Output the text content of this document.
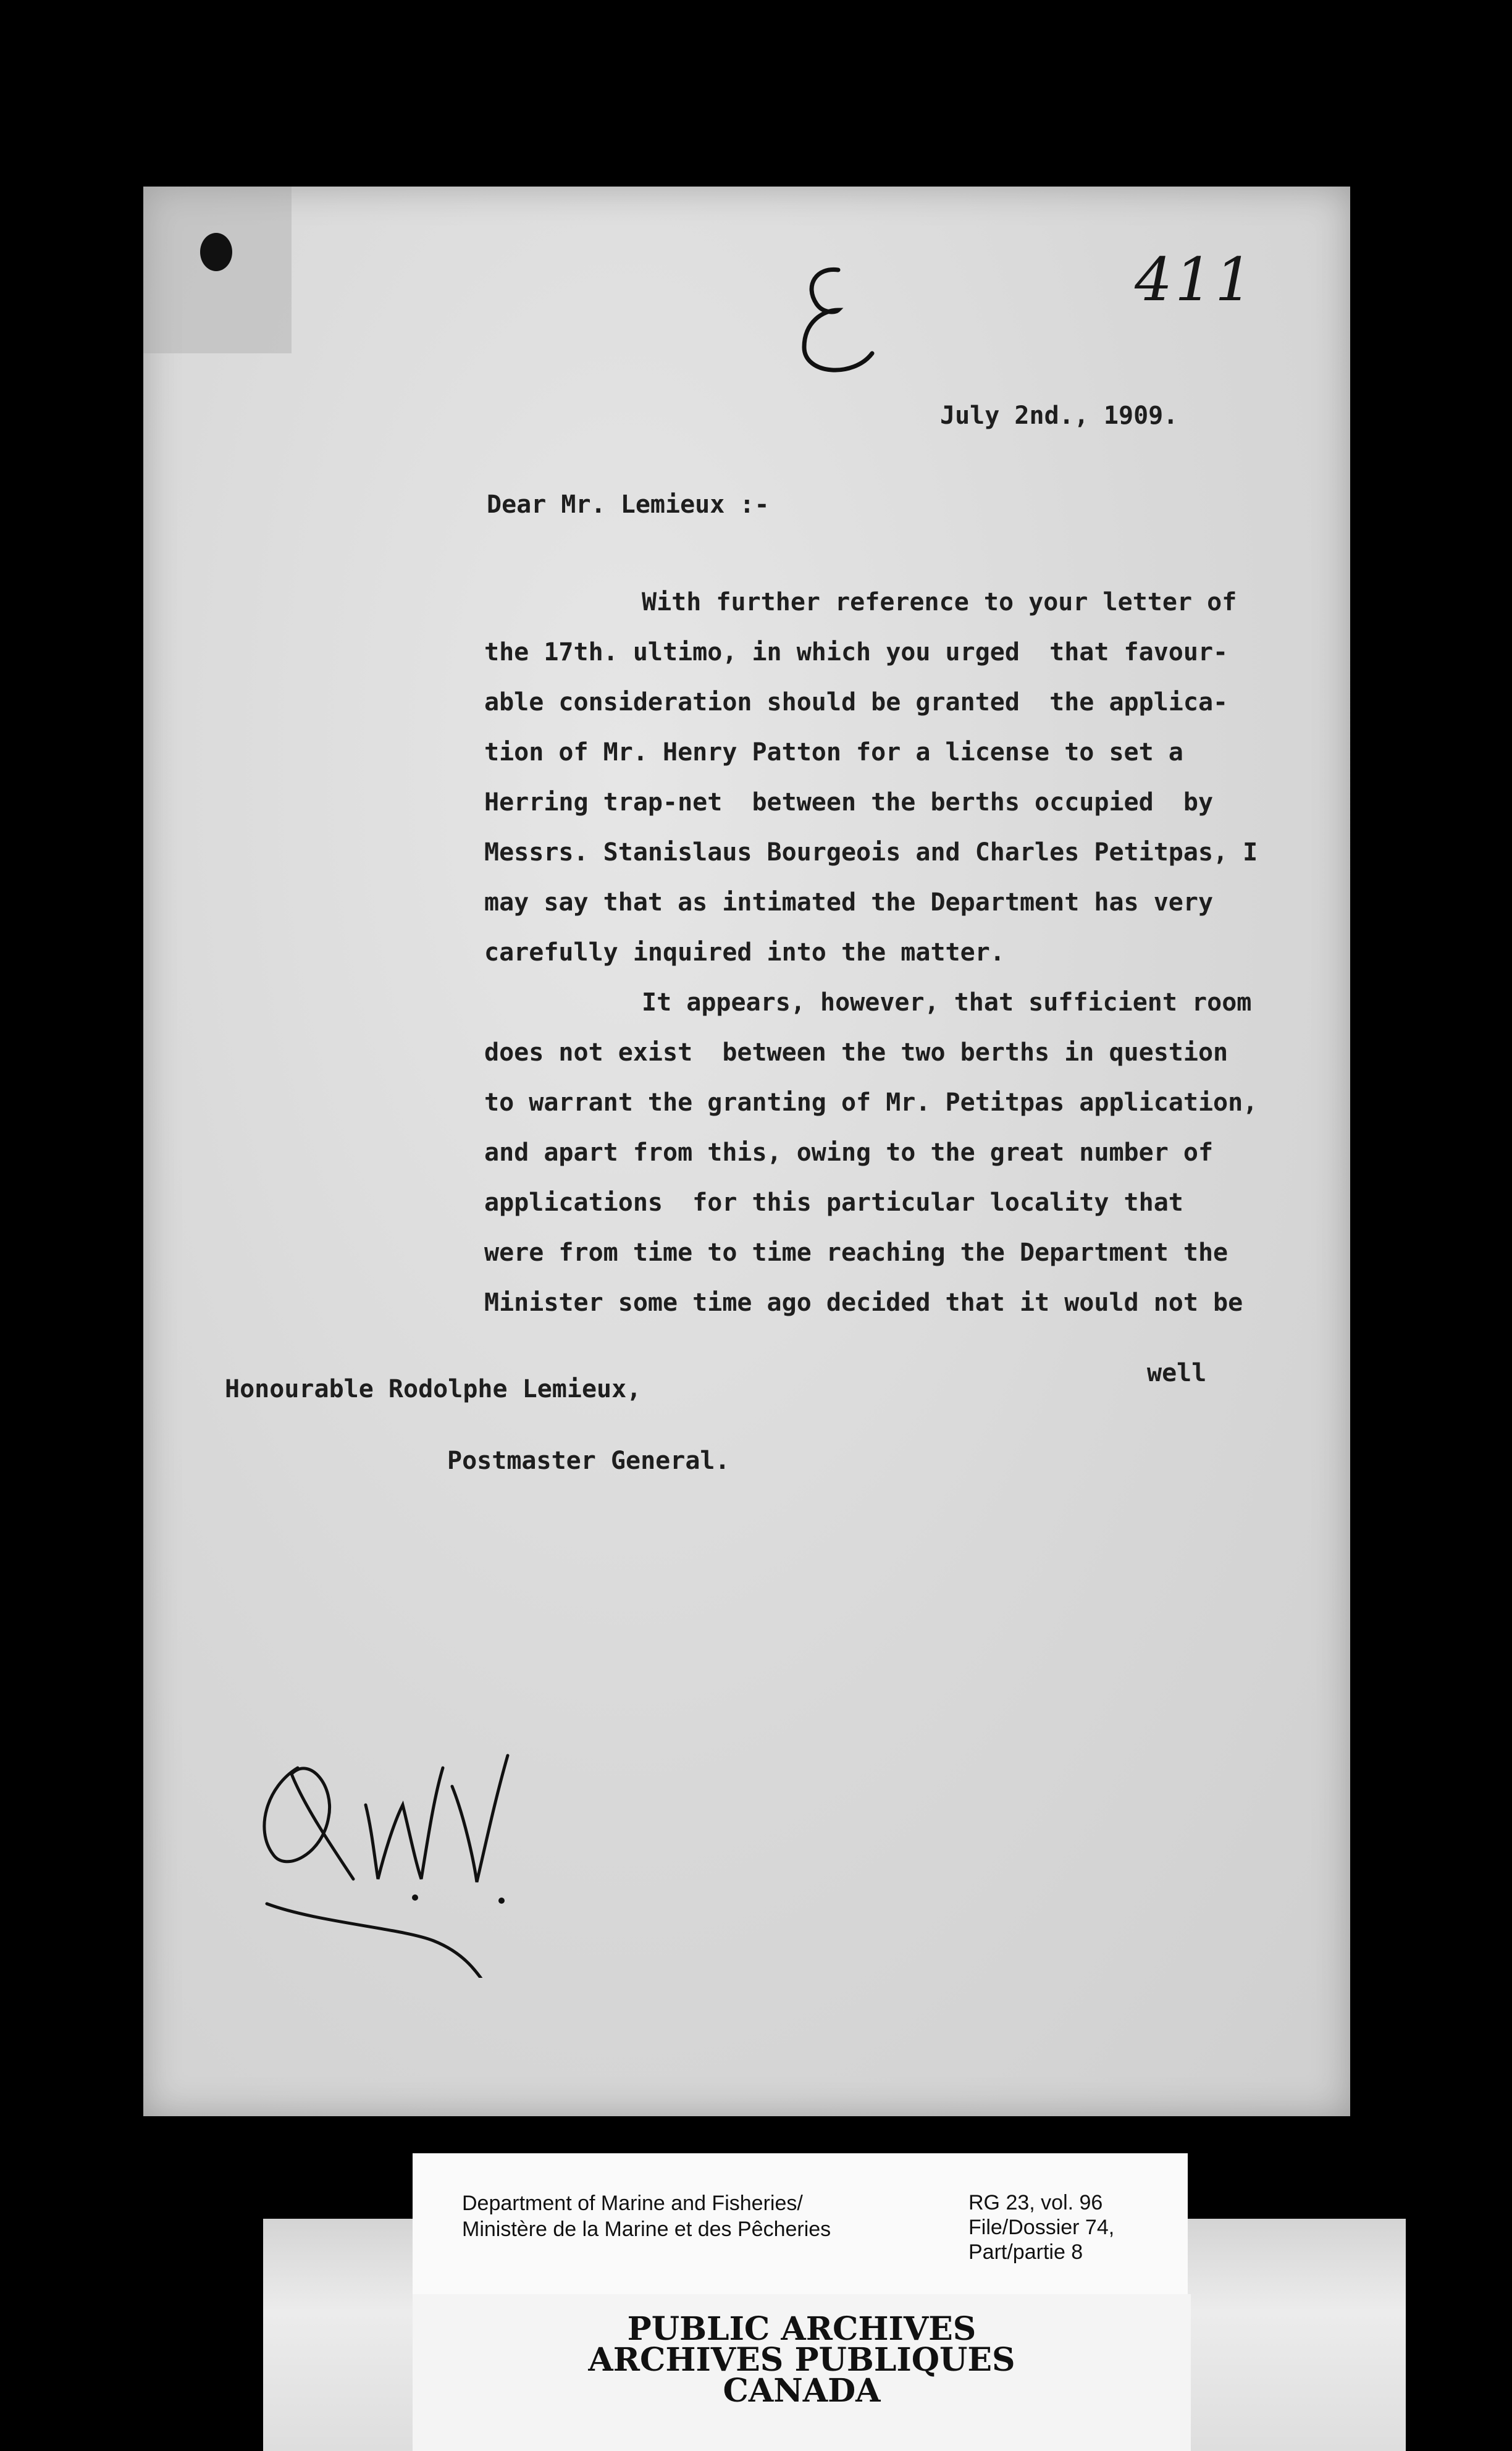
411
July 2nd., 1909.
Dear Mr. Lemieux :-
With further reference to your letter of
the 17th. ultimo, in which you urged  that favour-
able consideration should be granted  the applica-
tion of Mr. Henry Patton for a license to set a
Herring trap-net  between the berths occupied  by
Messrs. Stanislaus Bourgeois and Charles Petitpas, I
may say that as intimated the Department has very
carefully inquired into the matter.
It appears, however, that sufficient room
does not exist  between the two berths in question
to warrant the granting of Mr. Petitpas application,
and apart from this, owing to the great number of
applications  for this particular locality that
were from time to time reaching the Department the
Minister some time ago decided that it would not be
well
Honourable Rodolphe Lemieux,
Postmaster General.
PUBLIC ARCHIVES
ARCHIVES PUBLIQUES
CANADA
Department of Marine and Fisheries/
Ministère de la Marine et des Pêcheries
RG 23, vol. 96
File/Dossier 74,
Part/partie 8
